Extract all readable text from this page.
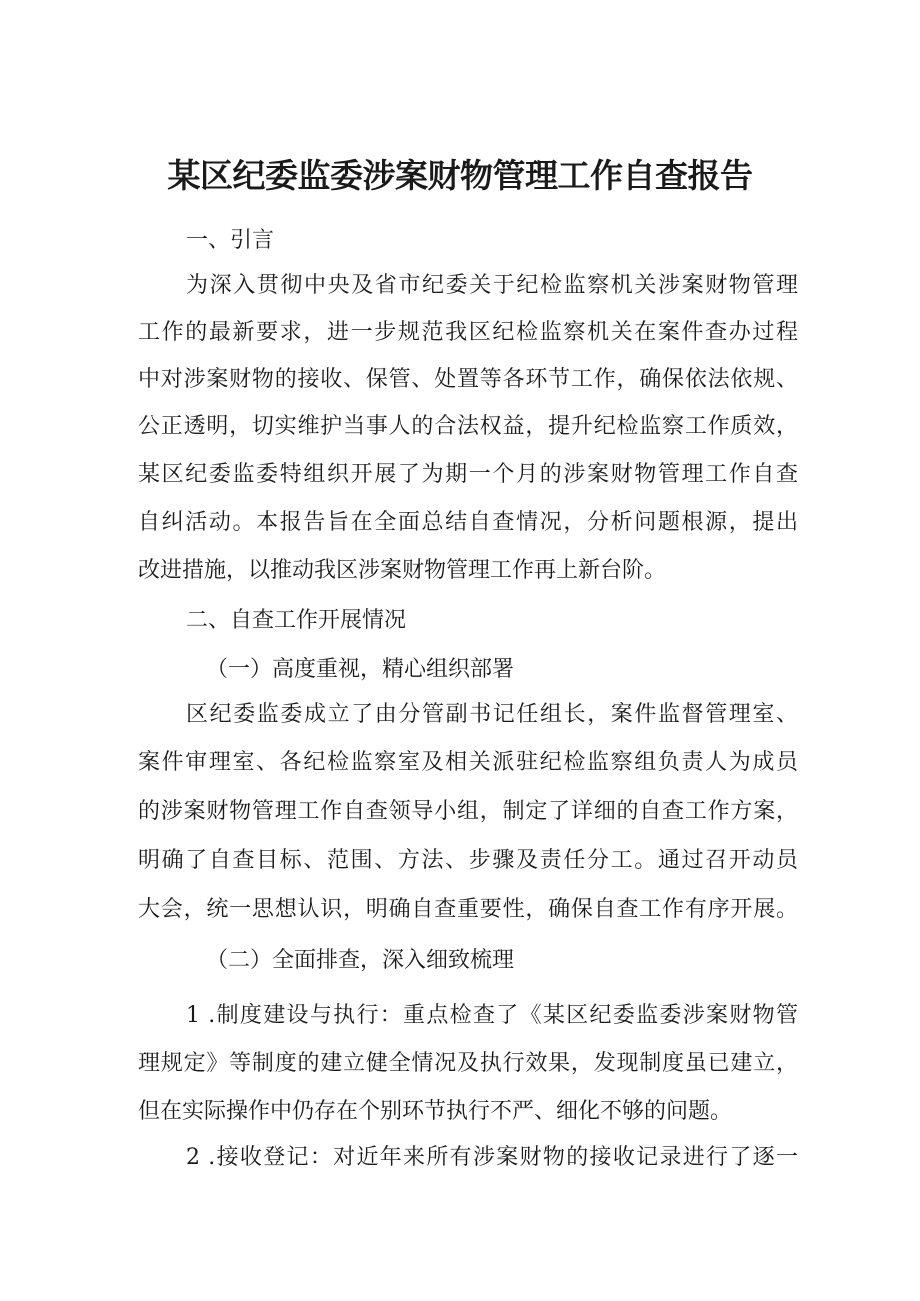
某区纪委监委涉案财物管理工作自查报告
一、引言
为深入贯彻中央及省市纪委关于纪检监察机关涉案财物管理
工作的最新要求，进一步规范我区纪检监察机关在案件查办过程
中对涉案财物的接收、保管、处置等各环节工作，确保依法依规、
公正透明，切实维护当事人的合法权益，提升纪检监察工作质效，
某区纪委监委特组织开展了为期一个月的涉案财物管理工作自查
自纠活动。本报告旨在全面总结自查情况，分析问题根源，提出
改进措施，以推动我区涉案财物管理工作再上新台阶。
二、自查工作开展情况
（一）高度重视，精心组织部署
区纪委监委成立了由分管副书记任组长，案件监督管理室、
案件审理室、各纪检监察室及相关派驻纪检监察组负责人为成员
的涉案财物管理工作自查领导小组，制定了详细的自查工作方案，
明确了自查目标、范围、方法、步骤及责任分工。通过召开动员
大会，统一思想认识，明确自查重要性，确保自查工作有序开展。
（二）全面排查，深入细致梳理
1 .制度建设与执行：重点检查了《某区纪委监委涉案财物管
理规定》等制度的建立健全情况及执行效果，发现制度虽已建立，
但在实际操作中仍存在个别环节执行不严、细化不够的问题。
2 .接收登记：对近年来所有涉案财物的接收记录进行了逐一
